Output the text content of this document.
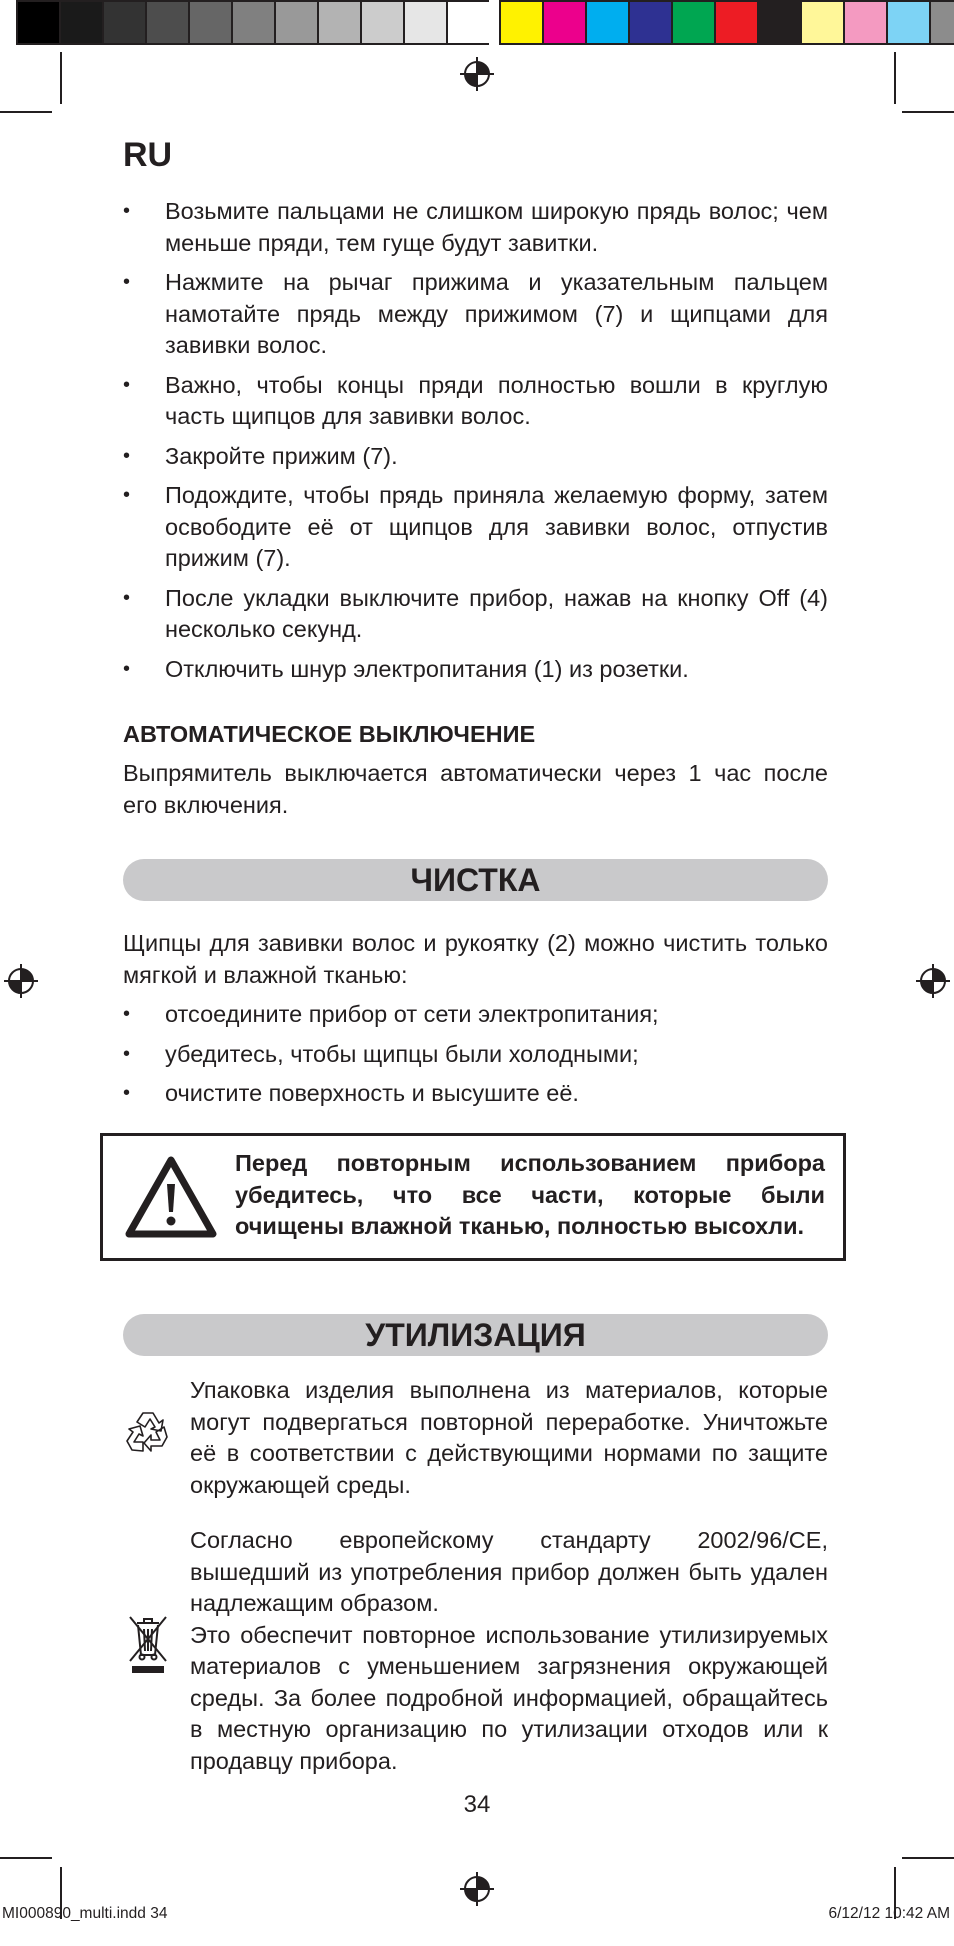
RU
• Возьмите пальцами не слишком широкую прядь волос; чем меньше пряди, тем гуще будут завитки.
• Нажмите на рычаг прижима и указательным пальцем намотайте прядь между прижимом (7) и щипцами для завивки волос.
• Важно, чтобы концы пряди полностью вошли в круглую часть щипцов для завивки волос.
• Закройте прижим (7).
• Подождите, чтобы прядь приняла желаемую форму, затем освободите её от щипцов для завивки волос, отпустив прижим (7).
• После укладки выключите прибор, нажав на кнопку Off (4) несколько секунд.
• Отключить шнур электропитания (1) из розетки.
АВТОМАТИЧЕСКОЕ ВЫКЛЮЧЕНИЕ
Выпрямитель выключается автоматически через 1 час после его включения.
ЧИСТКА
Щипцы для завивки волос и рукоятку (2) можно чистить только мягкой и влажной тканью:
• отсоедините прибор от сети электропитания;
• убедитесь, чтобы щипцы были холодными;
• очистите поверхность и высушите её.
Перед повторным использованием прибора убедитесь, что все части, которые были очищены влажной тканью, полностью высохли.
УТИЛИЗАЦИЯ
Упаковка изделия выполнена из материалов, которые могут подвергаться повторной переработке. Уничтожьте её в соответствии с действующими нормами по защите окружающей среды.
Согласно европейскому стандарту 2002/96/CE, вышедший из употребления прибор должен быть удален надлежащим образом.
Это обеспечит повторное использование утилизируемых материалов с уменьшением загрязнения окружающей среды. За более подробной информацией, обращайтесь в местную организацию по утилизации отходов или к продавцу прибора.
34
MI000890_multi.indd 34	6/12/12 10:42 AM
